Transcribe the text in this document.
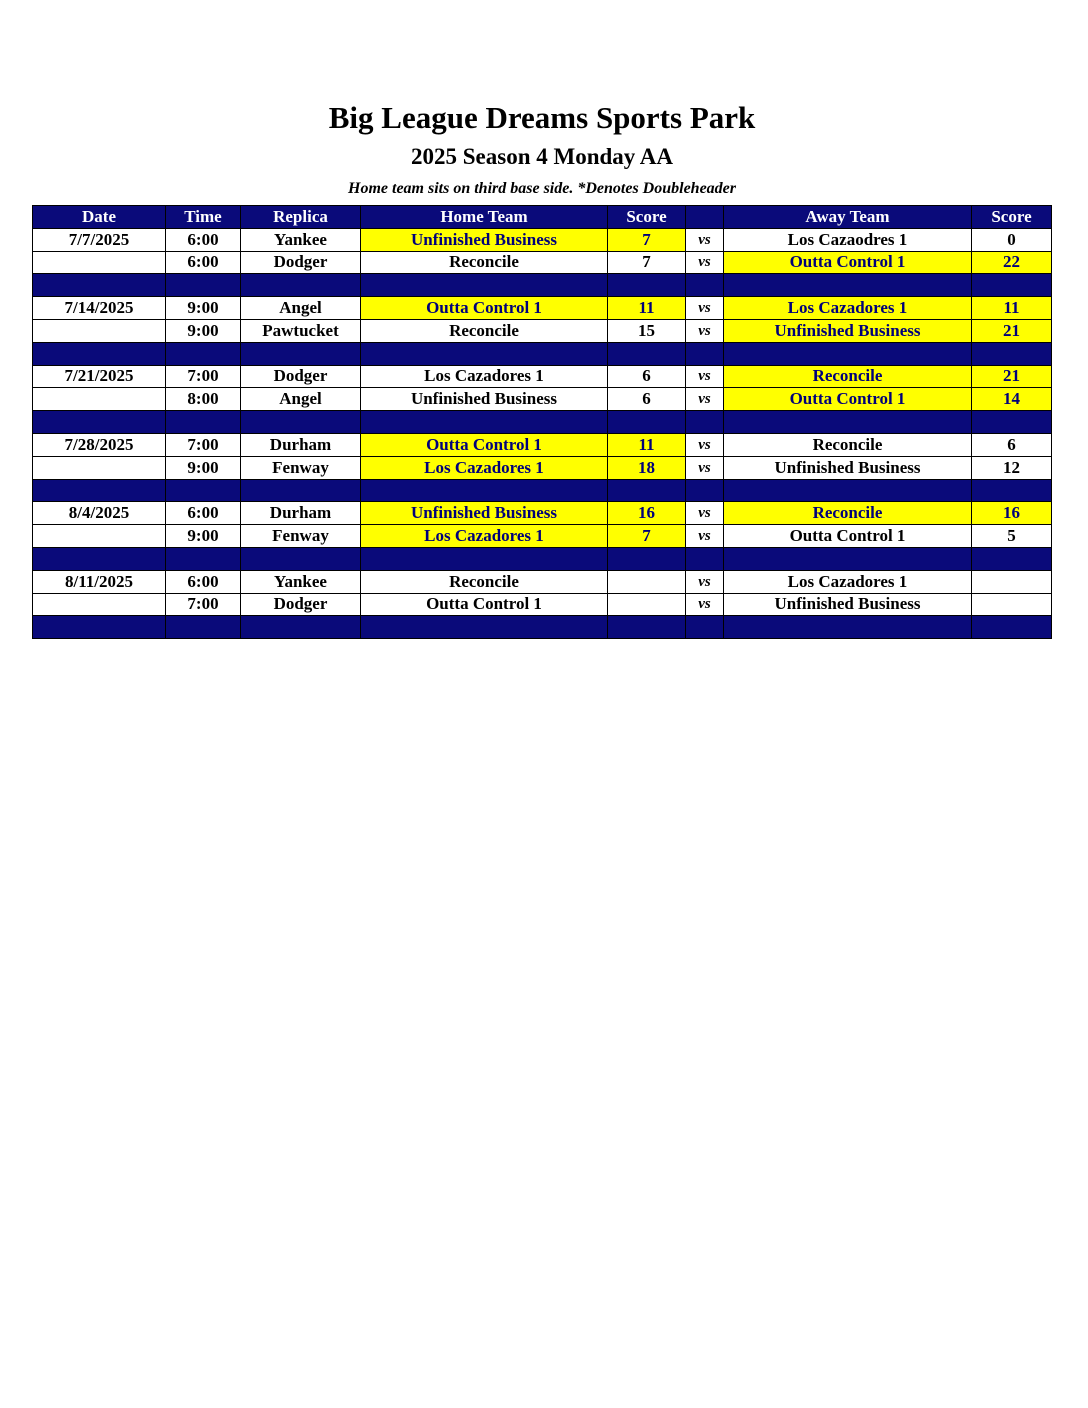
Big League Dreams Sports Park
2025 Season 4 Monday AA
Home team sits on third base side. *Denotes Doubleheader
Date	Time	Replica	Home Team	Score		Away Team	Score
7/7/2025	6:00	Yankee	Unfinished Business	7	vs	Los Cazaodres 1	0
	6:00	Dodger	Reconcile	7	vs	Outta Control 1	22

7/14/2025	9:00	Angel	Outta Control 1	11	vs	Los Cazadores 1	11
	9:00	Pawtucket	Reconcile	15	vs	Unfinished Business	21

7/21/2025	7:00	Dodger	Los Cazadores 1	6	vs	Reconcile	21
	8:00	Angel	Unfinished Business	6	vs	Outta Control 1	14

7/28/2025	7:00	Durham	Outta Control 1	11	vs	Reconcile	6
	9:00	Fenway	Los Cazadores 1	18	vs	Unfinished Business	12

8/4/2025	6:00	Durham	Unfinished Business	16	vs	Reconcile	16
	9:00	Fenway	Los Cazadores 1	7	vs	Outta Control 1	5

8/11/2025	6:00	Yankee	Reconcile		vs	Los Cazadores 1	
	7:00	Dodger	Outta Control 1		vs	Unfinished Business	
